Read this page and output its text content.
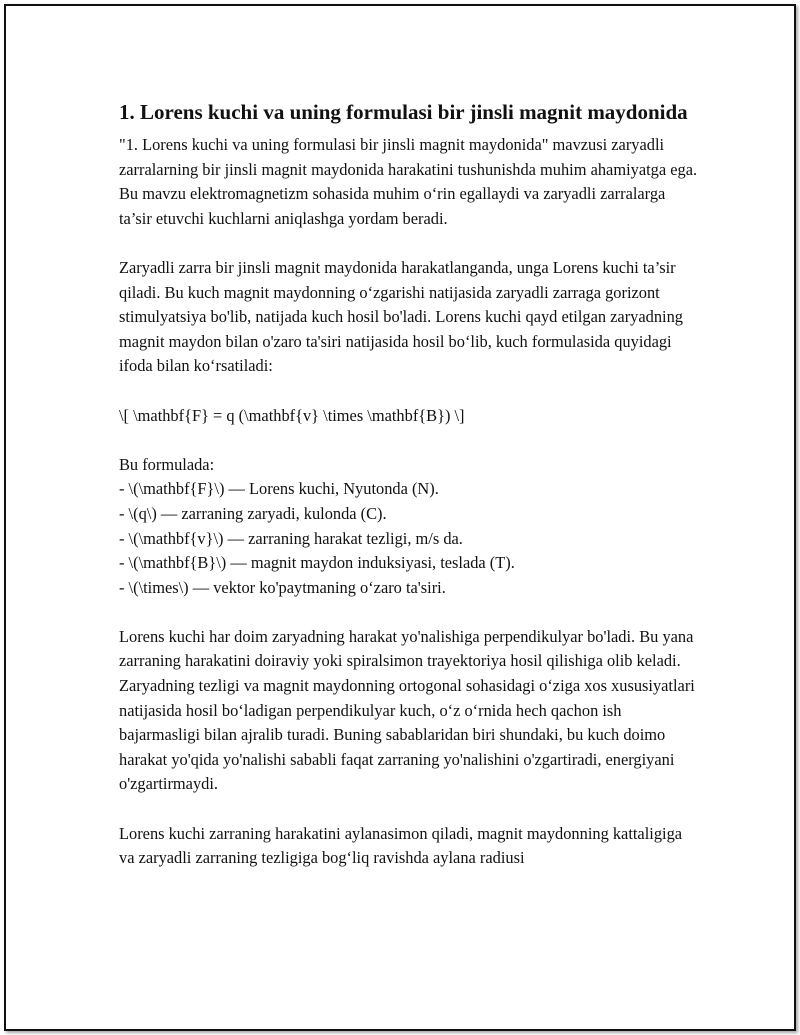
1. Lorens kuchi va uning formulasi bir jinsli magnit maydonida

"1. Lorens kuchi va uning formulasi bir jinsli magnit maydonida" mavzusi zaryadli zarralarning bir jinsli magnit maydonida harakatini tushunishda muhim ahamiyatga ega. Bu mavzu elektromagnetizm sohasida muhim o‘rin egallaydi va zaryadli zarralarga ta’sir etuvchi kuchlarni aniqlashga yordam beradi.

Zaryadli zarra bir jinsli magnit maydonida harakatlanganda, unga Lorens kuchi ta’sir qiladi. Bu kuch magnit maydonning o‘zgarishi natijasida zaryadli zarraga gorizont stimulyatsiya bo'lib, natijada kuch hosil bo'ladi. Lorens kuchi qayd etilgan zaryadning magnit maydon bilan o'zaro ta'siri natijasida hosil bo‘lib, kuch formulasida quyidagi ifoda bilan ko‘rsatiladi:

\[ \mathbf{F} = q (\mathbf{v} \times \mathbf{B}) \]

Bu formulada:

- \(\mathbf{F}\) — Lorens kuchi, Nyutonda (N).
- \(q\) — zarraning zaryadi, kulonda (C).
- \(\mathbf{v}\) — zarraning harakat tezligi, m/s da.
- \(\mathbf{B}\) — magnit maydon induksiyasi, teslada (T).
- \(\times\) — vektor ko'paytmaning o‘zaro ta'siri.

Lorens kuchi har doim zaryadning harakat yo'nalishiga perpendikulyar bo'ladi. Bu yana zarraning harakatini doiraviy yoki spiralsimon trayektoriya hosil qilishiga olib keladi. Zaryadning tezligi va magnit maydonning ortogonal sohasidagi o‘ziga xos xususiyatlari natijasida hosil bo‘ladigan perpendikulyar kuch, o‘z o‘rnida hech qachon ish bajarmasligi bilan ajralib turadi. Buning sabablaridan biri shundaki, bu kuch doimo harakat yo'qida yo'nalishi sababli faqat zarraning yo'nalishini o'zgartiradi, energiyani o'zgartirmaydi.

Lorens kuchi zarraning harakatini aylanasimon qiladi, magnit maydonning kattaligiga va zaryadli zarraning tezligiga bog‘liq ravishda aylana radiusi
